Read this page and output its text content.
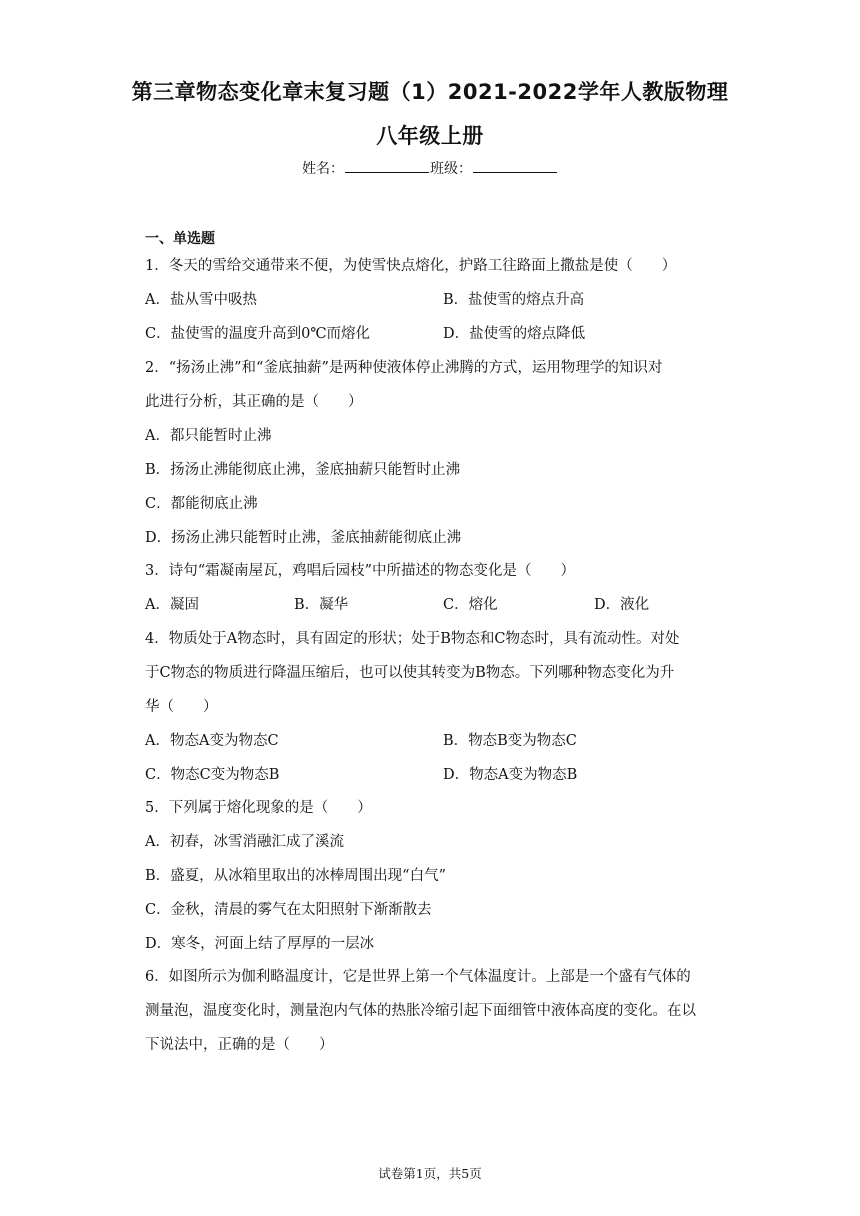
第三章物态变化章末复习题（1）2021-2022学年人教版物理
八年级上册
姓名：	班级：
一、单选题
1．冬天的雪给交通带来不便，为使雪快点熔化，护路工往路面上撒盐是使（　　）
A．盐从雪中吸热	B．盐使雪的熔点升高
C．盐使雪的温度升高到0℃而熔化	D．盐使雪的熔点降低
2．“扬汤止沸”和“釜底抽薪”是两种使液体停止沸腾的方式，运用物理学的知识对
此进行分析，其正确的是（　　）
A．都只能暂时止沸
B．扬汤止沸能彻底止沸，釜底抽薪只能暂时止沸
C．都能彻底止沸
D．扬汤止沸只能暂时止沸，釜底抽薪能彻底止沸
3．诗句“霜凝南屋瓦，鸡唱后园枝”中所描述的物态变化是（　　）
A．凝固	B．凝华	C．熔化	D．液化
4．物质处于A物态时，具有固定的形状；处于B物态和C物态时，具有流动性。对处
于C物态的物质进行降温压缩后，也可以使其转变为B物态。下列哪种物态变化为升
华（　　）
A．物态A变为物态C	B．物态B变为物态C
C．物态C变为物态B	D．物态A变为物态B
5．下列属于熔化现象的是（　　）
A．初春，冰雪消融汇成了溪流
B．盛夏，从冰箱里取出的冰棒周围出现“白气”
C．金秋，清晨的雾气在太阳照射下渐渐散去
D．寒冬，河面上结了厚厚的一层冰
6．如图所示为伽利略温度计，它是世界上第一个气体温度计。上部是一个盛有气体的
测量泡，温度变化时，测量泡内气体的热胀冷缩引起下面细管中液体高度的变化。在以
下说法中，正确的是（　　）
试卷第1页，共5页
